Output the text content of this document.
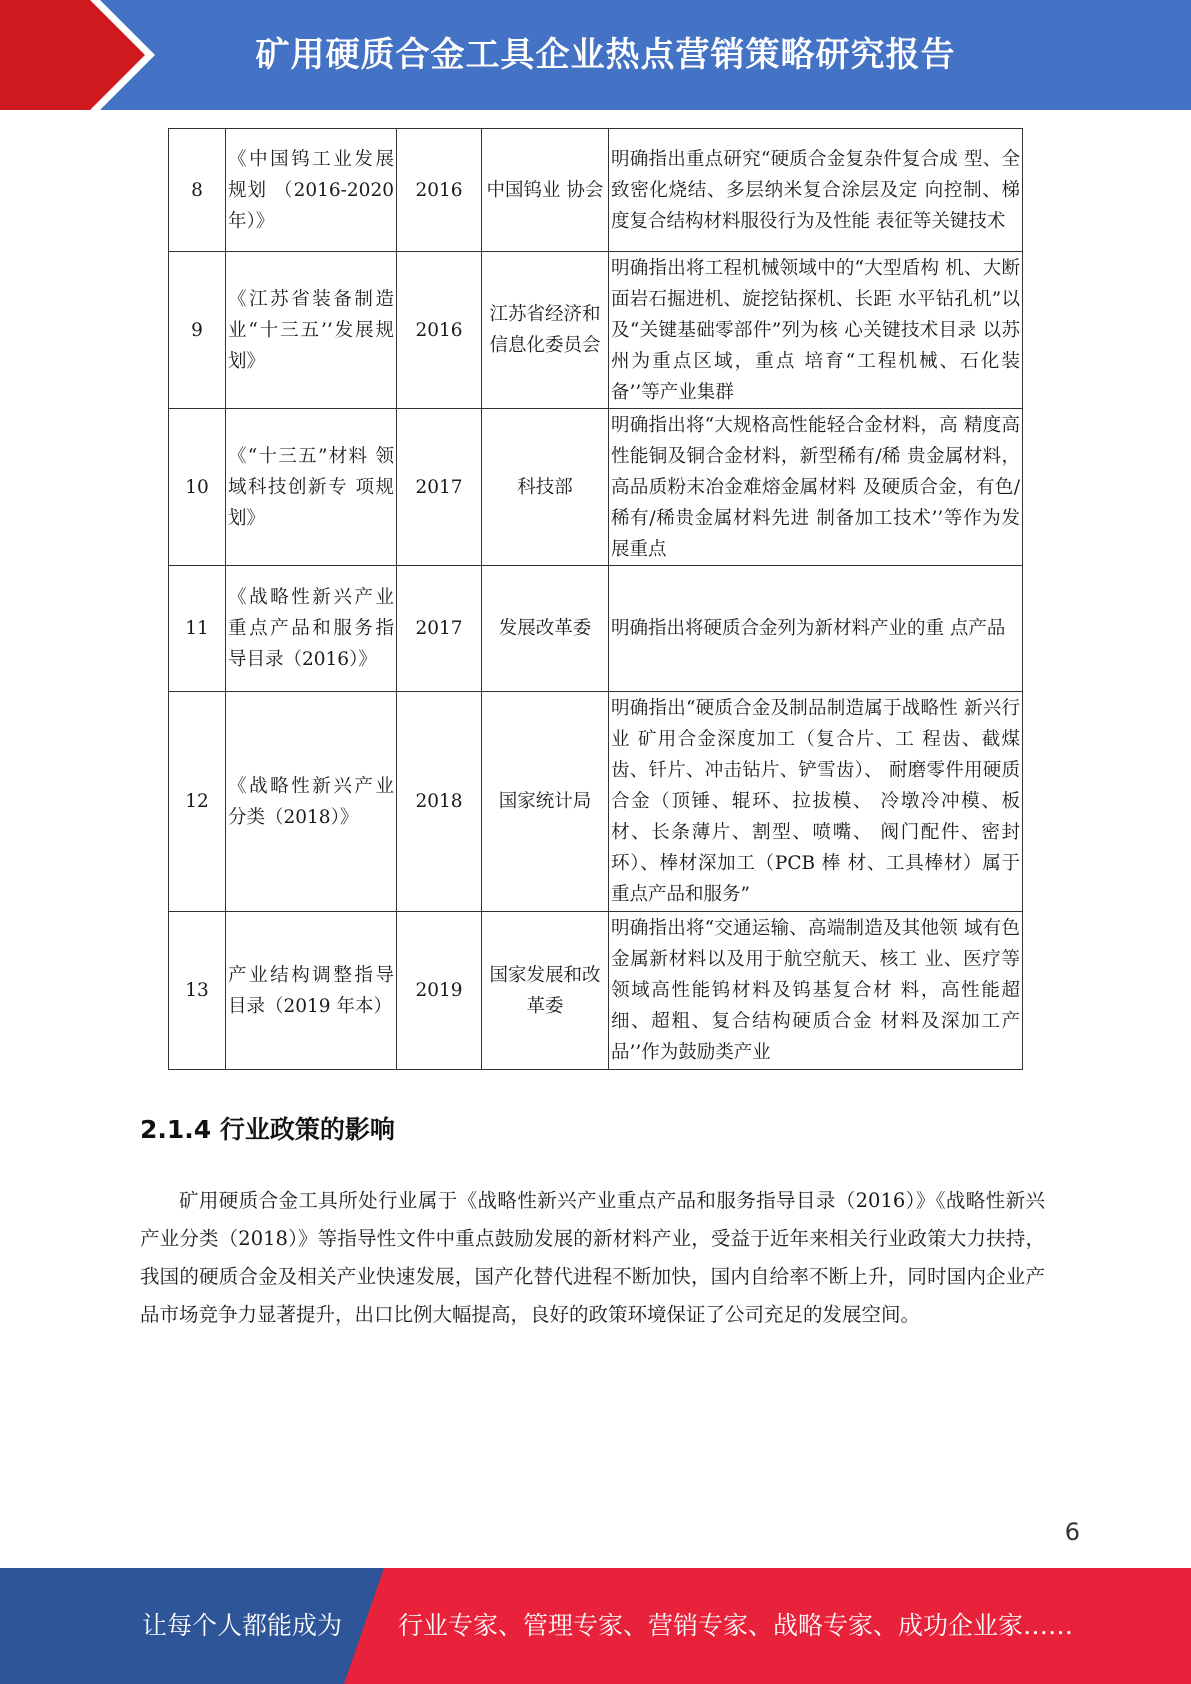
矿用硬质合金工具企业热点营销策略研究报告
8	《中国钨工业发展规划 （2016-2020 年）》	2016	中国钨业 协会	明确指出重点研究“硬质合金复杂件复合成 型、全致密化烧结、多层纳米复合涂层及定 向控制、梯度复合结构材料服役行为及性能 表征等关键技术
9	《江苏省装备制造业“十三五’’发展规划》	2016	江苏省经济和信息化委员会	明确指出将工程机械领域中的“大型盾构 机、大断面岩石掘进机、旋挖钻探机、长距 水平钻孔机”以及“关键基础零部件”列为核 心关键技术目录 以苏州为重点区域，重点 培育“工程机械、石化装备’’等产业集群
10	《“十三五”材料 领域科技创新专 项规划》	2017	科技部	明确指出将“大规格高性能轻合金材料，高 精度高性能铜及铜合金材料，新型稀有/稀 贵金属材料，高品质粉末冶金难熔金属材料 及硬质合金，有色/稀有/稀贵金属材料先进 制备加工技术’’等作为发展重点
11	《战略性新兴产业重点产品和服务指导目录（2016）》	2017	发展改革委	明确指出将硬质合金列为新材料产业的重 点产品
12	《战略性新兴产业分类（2018）》	2018	国家统计局	明确指出“硬质合金及制品制造属于战略性 新兴行业 矿用合金深度加工（复合片、工 程齿、截煤齿、钎片、冲击钻片、铲雪齿）、 耐磨零件用硬质合金（顶锤、辊环、拉拔模、 冷墩冷冲模、板材、长条薄片、割型、喷嘴、 阀门配件、密封环）、棒材深加工（PCB 棒 材、工具棒材）属于重点产品和服务”
13	产业结构调整指导目录（2019 年本）	2019	国家发展和改革委	明确指出将“交通运输、高端制造及其他领 域有色金属新材料以及用于航空航天、核工 业、医疗等领域高性能钨材料及钨基复合材 料，高性能超细、超粗、复合结构硬质合金 材料及深加工产品’’作为鼓励类产业
2.1.4 行业政策的影响

矿用硬质合金工具所处行业属于《战略性新兴产业重点产品和服务指导目录（2016）》《战略性新兴产业分类（2018）》等指导性文件中重点鼓励发展的新材料产业，受益于近年来相关行业政策大力扶持，我国的硬质合金及相关产业快速发展，国产化替代进程不断加快，国内自给率不断上升，同时国内企业产品市场竞争力显著提升，出口比例大幅提高，良好的政策环境保证了公司充足的发展空间。

6
让每个人都能成为 行业专家、管理专家、营销专家、战略专家、成功企业家……
